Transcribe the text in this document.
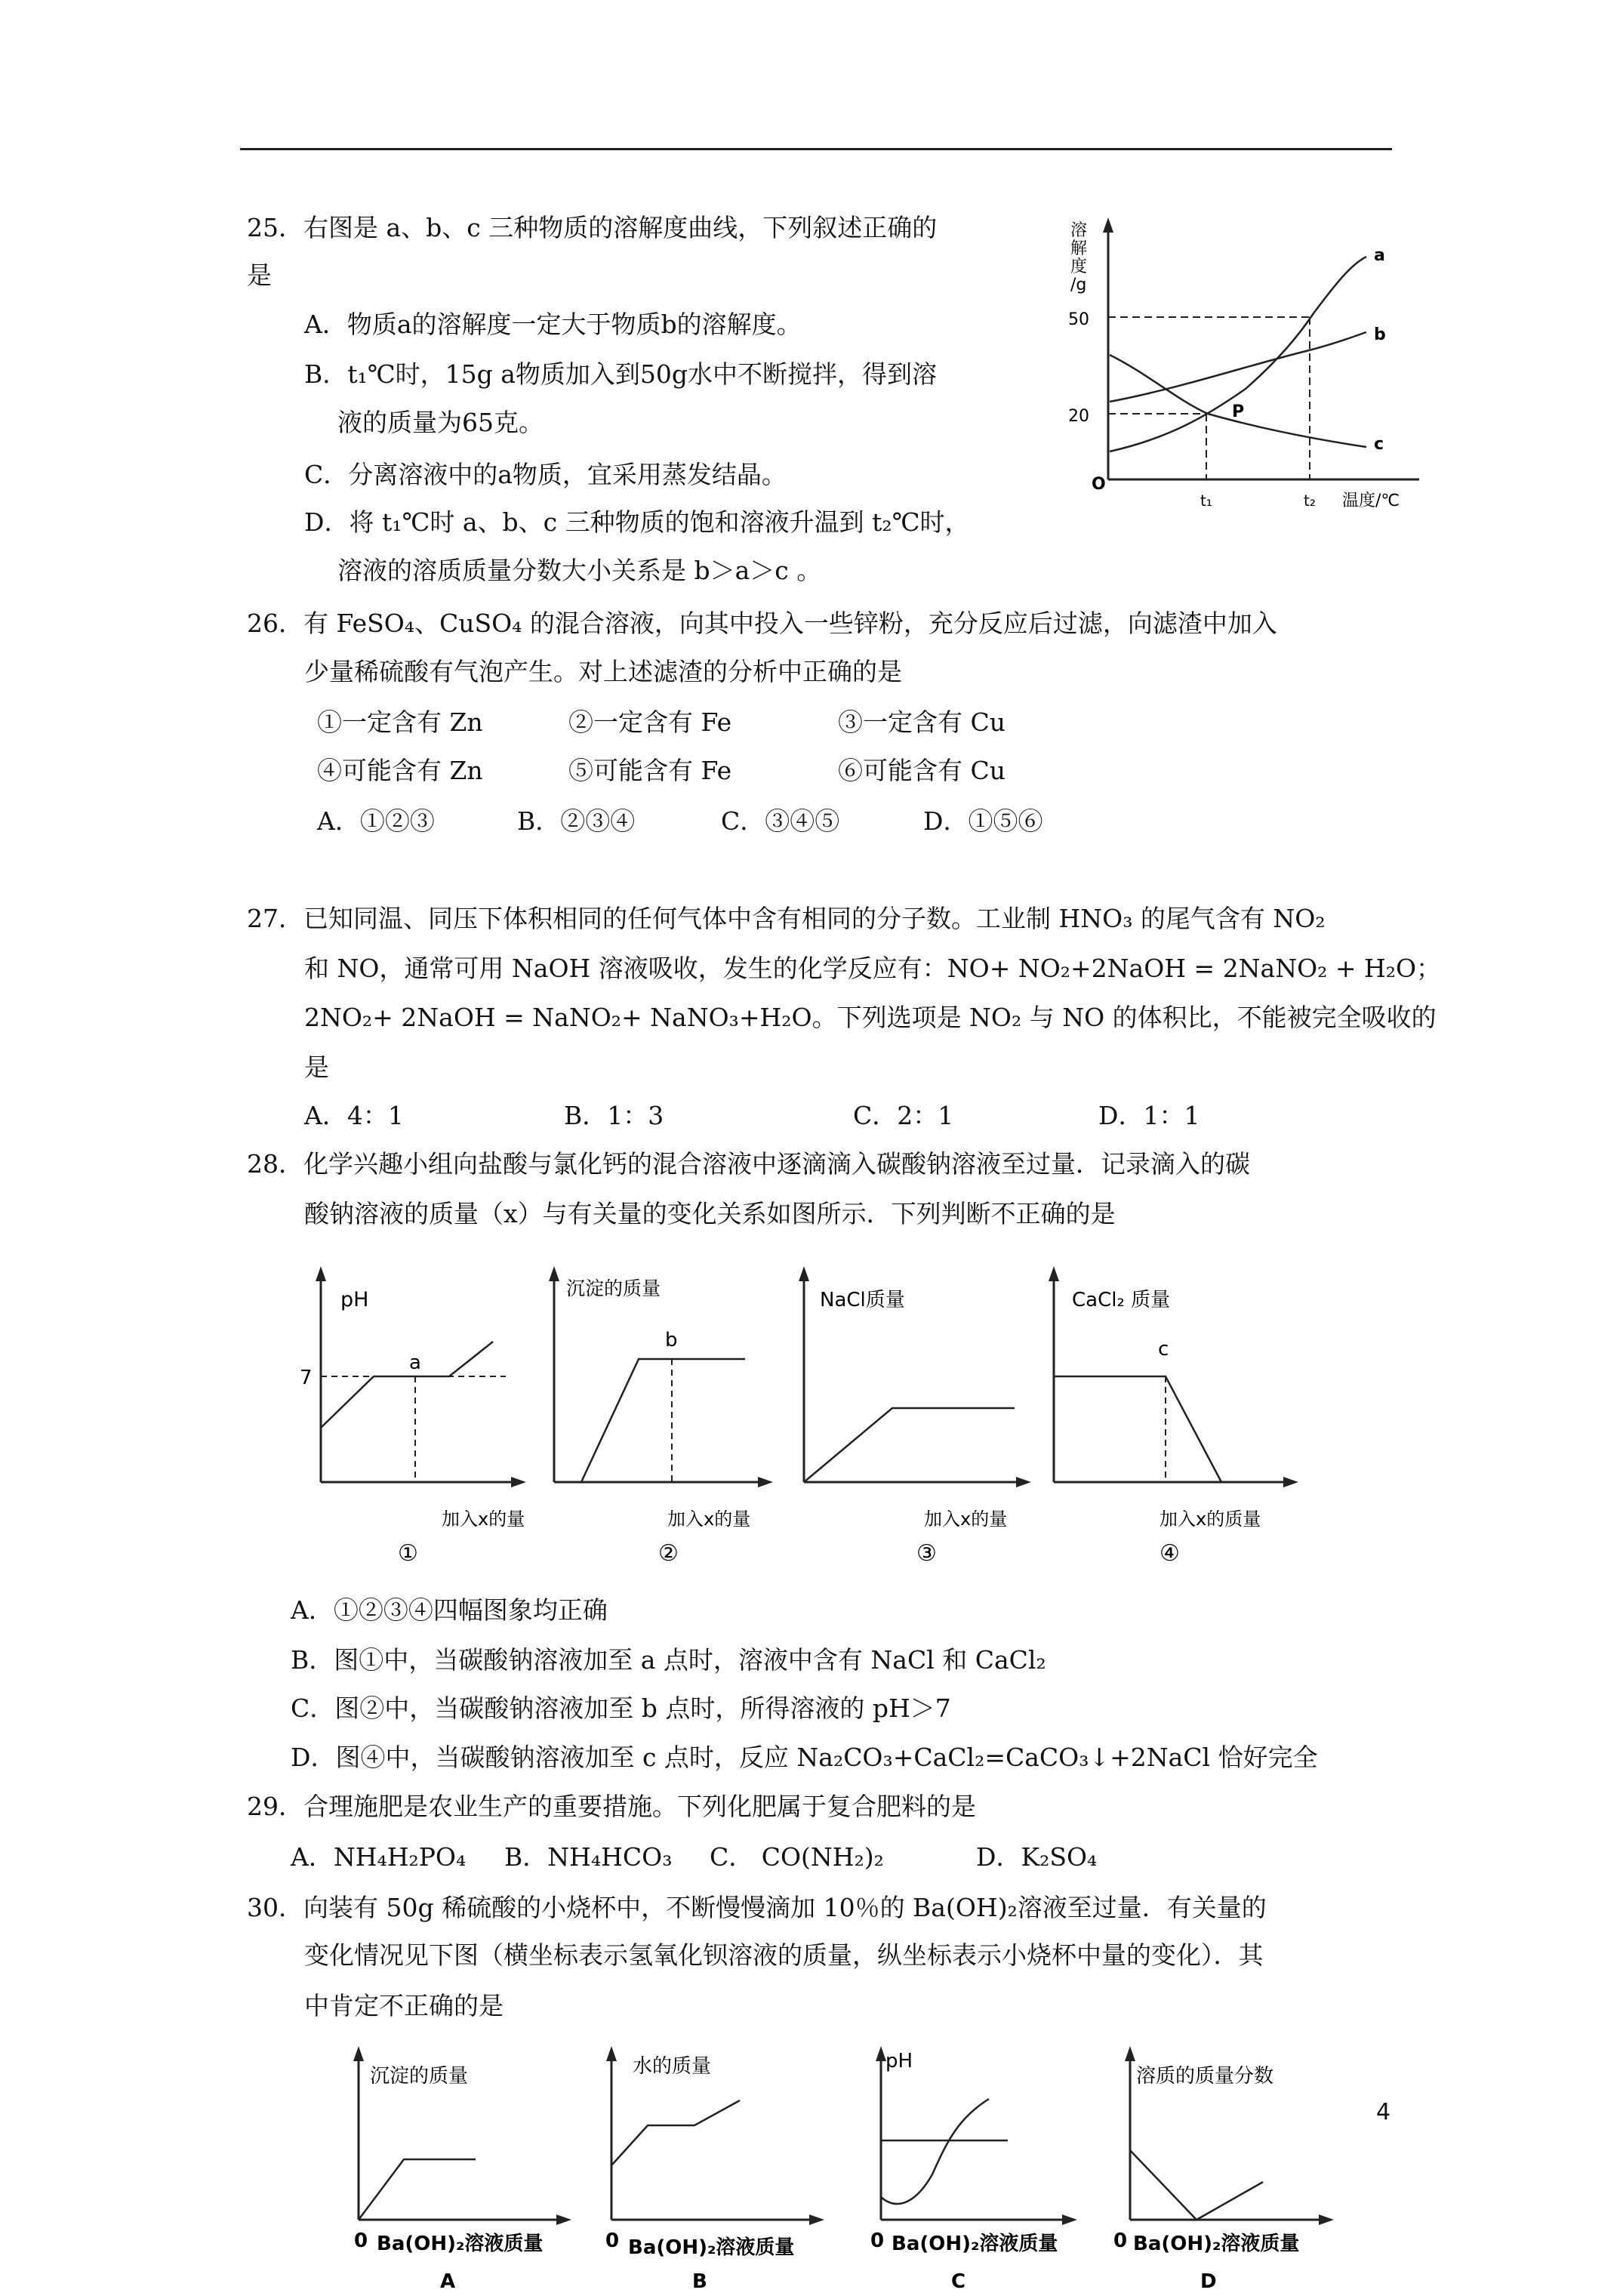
25．右图是 a、b、c 三种物质的溶解度曲线，下列叙述正确的
是
A．物质a的溶解度一定大于物质b的溶解度。
B．t₁℃时，15g a物质加入到50g水中不断搅拌，得到溶
液的质量为65克。
C．分离溶液中的a物质，宜采用蒸发结晶。
D．将 t₁℃时 a、b、c 三种物质的饱和溶液升温到 t₂℃时，
溶液的溶质质量分数大小关系是 b＞a＞c 。
溶
解
度
/g
O
50
20
a
b
c
P
t₁	t₂ 温度/℃
26．有 FeSO₄、CuSO₄ 的混合溶液，向其中投入一些锌粉，充分反应后过滤，向滤渣中加入
少量稀硫酸有气泡产生。对上述滤渣的分析中正确的是
①一定含有 Zn	②一定含有 Fe	③一定含有 Cu
④可能含有 Zn	⑤可能含有 Fe	⑥可能含有 Cu
A．①②③	B．②③④	C．③④⑤	D．①⑤⑥
27．已知同温、同压下体积相同的任何气体中含有相同的分子数。工业制 HNO₃ 的尾气含有 NO₂
和 NO，通常可用 NaOH 溶液吸收，发生的化学反应有：NO+ NO₂+2NaOH = 2NaNO₂ + H₂O；
2NO₂+ 2NaOH = NaNO₂+ NaNO₃+H₂O。下列选项是 NO₂ 与 NO 的体积比，不能被完全吸收的
是
A．4：1	B．1：3	C．2：1	D．1：1
28．化学兴趣小组向盐酸与氯化钙的混合溶液中逐滴滴入碳酸钠溶液至过量．记录滴入的碳
酸钠溶液的质量（x）与有关量的变化关系如图所示．下列判断不正确的是
pH
7
a
加入x的量
①
沉淀的质量
b
加入x的量
②
NaCl质量
加入x的量
③
CaCl₂ 质量
c
加入x的质量
④
A．①②③④四幅图象均正确
B．图①中，当碳酸钠溶液加至 a 点时，溶液中含有 NaCl 和 CaCl₂
C．图②中，当碳酸钠溶液加至 b 点时，所得溶液的 pH＞7
D．图④中，当碳酸钠溶液加至 c 点时，反应 Na₂CO₃+CaCl₂=CaCO₃↓+2NaCl 恰好完全
29．合理施肥是农业生产的重要措施。下列化肥属于复合肥料的是
A．NH₄H₂PO₄ B．NH₄HCO₃ C． CO(NH₂)₂	D．K₂SO₄
30．向装有 50g 稀硫酸的小烧杯中，不断慢慢滴加 10％的 Ba(OH)₂溶液至过量．有关量的
变化情况见下图（横坐标表示氢氧化钡溶液的质量，纵坐标表示小烧杯中量的变化）．其
中肯定不正确的是
沉淀的质量
0 Ba(OH)₂溶液质量
A
水的质量
0 Ba(OH)₂溶液质量
B
pH
0 Ba(OH)₂溶液质量
C
溶质的质量分数
0 Ba(OH)₂溶液质量
D
4
